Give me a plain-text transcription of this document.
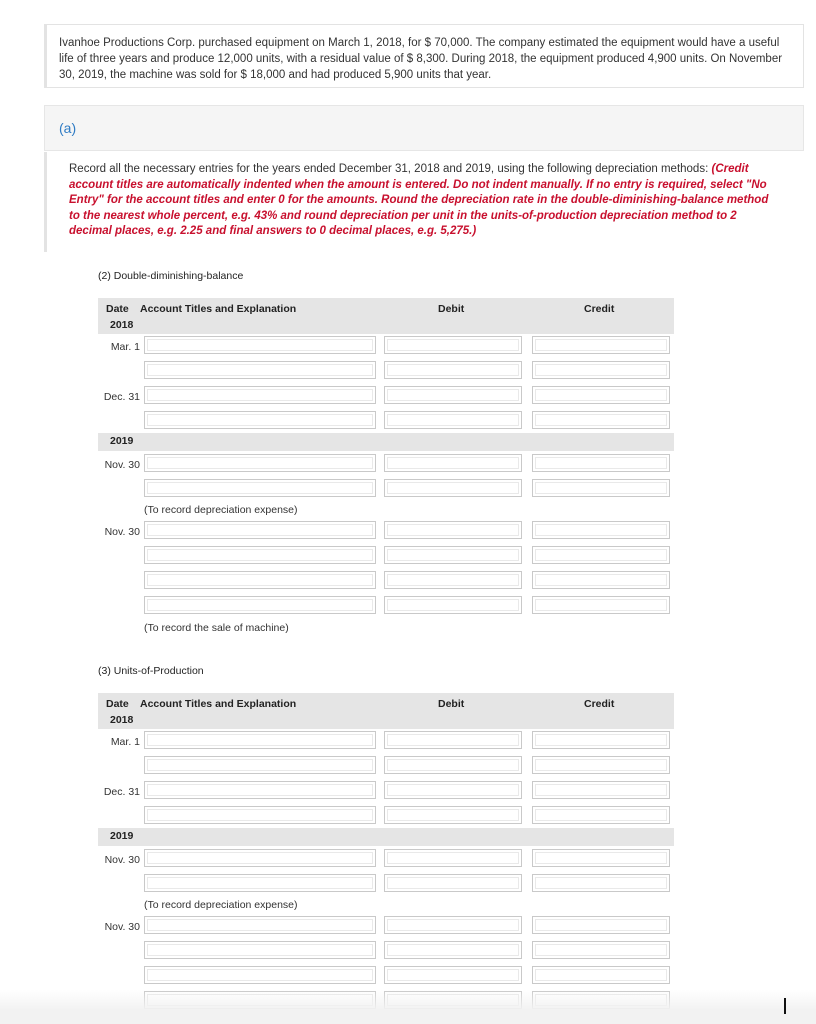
Ivanhoe Productions Corp. purchased equipment on March 1, 2018, for $ 70,000. The company estimated the equipment would have a useful life of three years and produce 12,000 units, with a residual value of $ 8,300. During 2018, the equipment produced 4,900 units. On November 30, 2019, the machine was sold for $ 18,000 and had produced 5,900 units that year.
(a)
Record all the necessary entries for the years ended December 31, 2018 and 2019, using the following depreciation methods: (Credit account titles are automatically indented when the amount is entered. Do not indent manually. If no entry is required, select "No Entry" for the account titles and enter 0 for the amounts. Round the depreciation rate in the double-diminishing-balance method to the nearest whole percent, e.g. 43% and round depreciation per unit in the units-of-production depreciation method to 2 decimal places, e.g. 2.25 and final answers to 0 decimal places, e.g. 5,275.)
(2) Double-diminishing-balance
Date Account Titles and Explanation	Debit	Credit
2018
Mar. 1
Dec. 31
2019
Nov. 30
(To record depreciation expense)
Nov. 30
(To record the sale of machine)
(3) Units-of-Production
Date Account Titles and Explanation	Debit	Credit
2018
Mar. 1
Dec. 31
2019
Nov. 30
(To record depreciation expense)
Nov. 30
